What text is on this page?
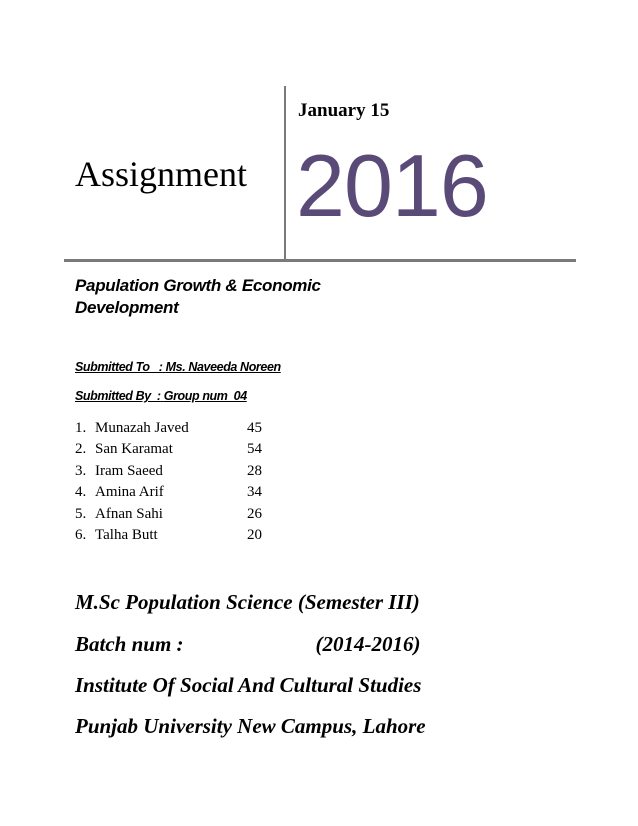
Assignment
January 15
2016
Papulation Growth & Economic
Development
Submitted To   : Ms. Naveeda Noreen
Submitted By  : Group num  04
1. Munazah Javed	45
2. San Karamat	54
3. Iram Saeed	28
4. Amina Arif	34
5. Afnan Sahi	26
6. Talha Butt	20
M.Sc Population Science (Semester III)
Batch num :	(2014-2016)
Institute Of Social And Cultural Studies
Punjab University New Campus, Lahore
